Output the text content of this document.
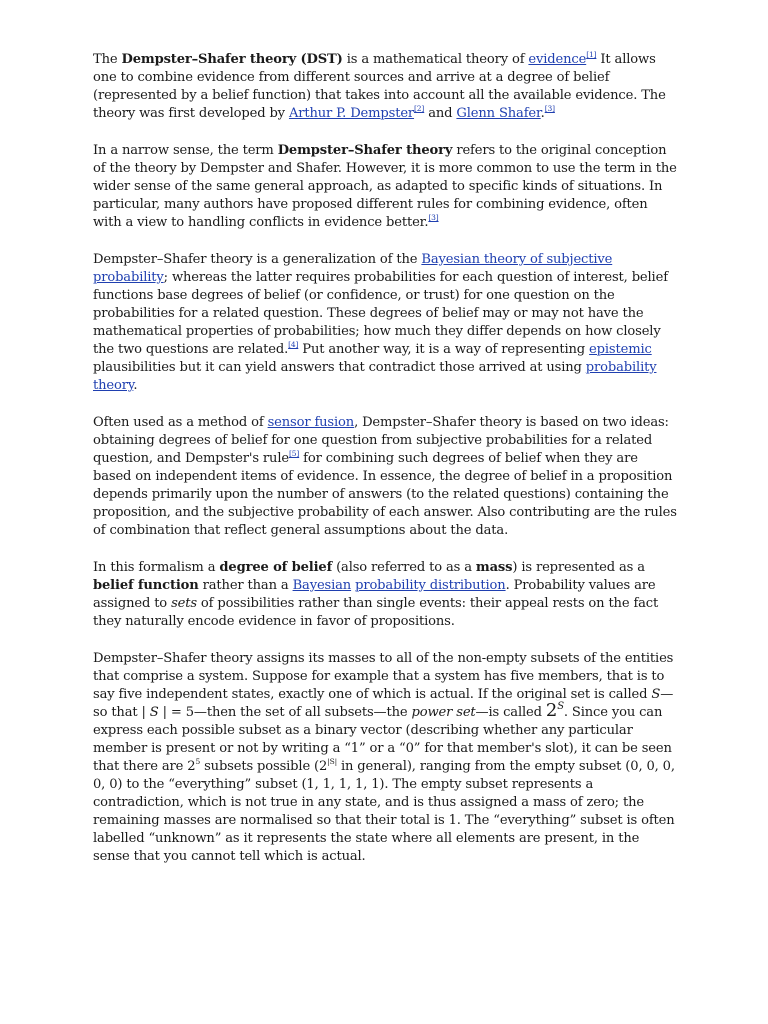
The Dempster–Shafer theory (DST) is a mathematical theory of evidence[1] It allows one to combine evidence from different sources and arrive at a degree of belief (represented by a belief function) that takes into account all the available evidence. The theory was first developed by Arthur P. Dempster[2] and Glenn Shafer.[3]

In a narrow sense, the term Dempster–Shafer theory refers to the original conception of the theory by Dempster and Shafer. However, it is more common to use the term in the wider sense of the same general approach, as adapted to specific kinds of situations. In particular, many authors have proposed different rules for combining evidence, often with a view to handling conflicts in evidence better.[3]

Dempster–Shafer theory is a generalization of the Bayesian theory of subjective probability; whereas the latter requires probabilities for each question of interest, belief functions base degrees of belief (or confidence, or trust) for one question on the probabilities for a related question. These degrees of belief may or may not have the mathematical properties of probabilities; how much they differ depends on how closely the two questions are related.[4] Put another way, it is a way of representing epistemic plausibilities but it can yield answers that contradict those arrived at using probability theory.

Often used as a method of sensor fusion, Dempster–Shafer theory is based on two ideas: obtaining degrees of belief for one question from subjective probabilities for a related question, and Dempster's rule[5] for combining such degrees of belief when they are based on independent items of evidence. In essence, the degree of belief in a proposition depends primarily upon the number of answers (to the related questions) containing the proposition, and the subjective probability of each answer. Also contributing are the rules of combination that reflect general assumptions about the data.

In this formalism a degree of belief (also referred to as a mass) is represented as a belief function rather than a Bayesian probability distribution. Probability values are assigned to sets of possibilities rather than single events: their appeal rests on the fact they naturally encode evidence in favor of propositions.

Dempster–Shafer theory assigns its masses to all of the non-empty subsets of the entities that comprise a system. Suppose for example that a system has five members, that is to say five independent states, exactly one of which is actual. If the original set is called S—so that | S | = 5—then the set of all subsets—the power set—is called $2^S$. Since you can express each possible subset as a binary vector (describing whether any particular member is present or not by writing a “1” or a “0” for that member's slot), it can be seen that there are $2^5$ subsets possible ($2^{|S|}$ in general), ranging from the empty subset (0, 0, 0, 0, 0) to the “everything” subset (1, 1, 1, 1, 1). The empty subset represents a contradiction, which is not true in any state, and is thus assigned a mass of zero; the remaining masses are normalised so that their total is 1. The “everything” subset is often labelled “unknown” as it represents the state where all elements are present, in the sense that you cannot tell which is actual.
